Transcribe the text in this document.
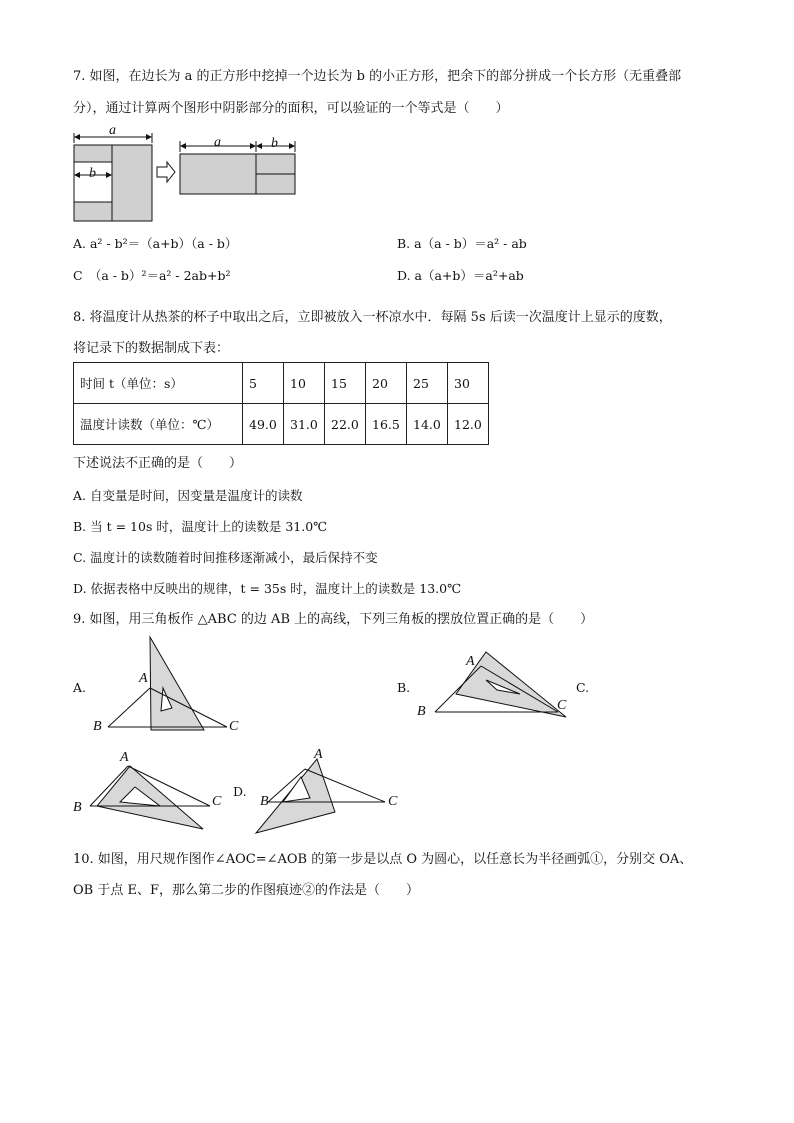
7. 如图，在边长为 a 的正方形中挖掉一个边长为 b 的小正方形，把余下的部分拼成一个长方形（无重叠部
分），通过计算两个图形中阴影部分的面积，可以验证的一个等式是（　　）
a
b
a	b
A. a² - b²＝（a+b）（a - b）	B. a（a - b）＝a² - ab
C　（a - b）²＝a² - 2ab+b²	D. a（a+b）＝a²+ab
8. 将温度计从热茶的杯子中取出之后，立即被放入一杯凉水中．每隔 5s 后读一次温度计上显示的度数，
将记录下的数据制成下表：
时间 t（单位：s）	5	10	15	20	25	30
温度计读数（单位：℃）	49.0	31.0	22.0	16.5	14.0	12.0
下述说法不正确的是（　　）
A. 自变量是时间，因变量是温度计的读数
B. 当 t = 10s 时，温度计上的读数是 31.0℃
C. 温度计的读数随着时间推移逐渐减小，最后保持不变
D. 依据表格中反映出的规律，t = 35s 时，温度计上的读数是 13.0℃
9. 如图，用三角板作 △ABC 的边 AB 上的高线，下列三角板的摆放位置正确的是（　　）
A.
A
B	C
B.
A
B	C
C.
A
B	C
D.
A
B	C
10. 如图，用尺规作图作∠AOC=∠AOB 的第一步是以点 O 为圆心，以任意长为半径画弧①，分别交 OA、
OB 于点 E、F，那么第二步的作图痕迹②的作法是（　　）
